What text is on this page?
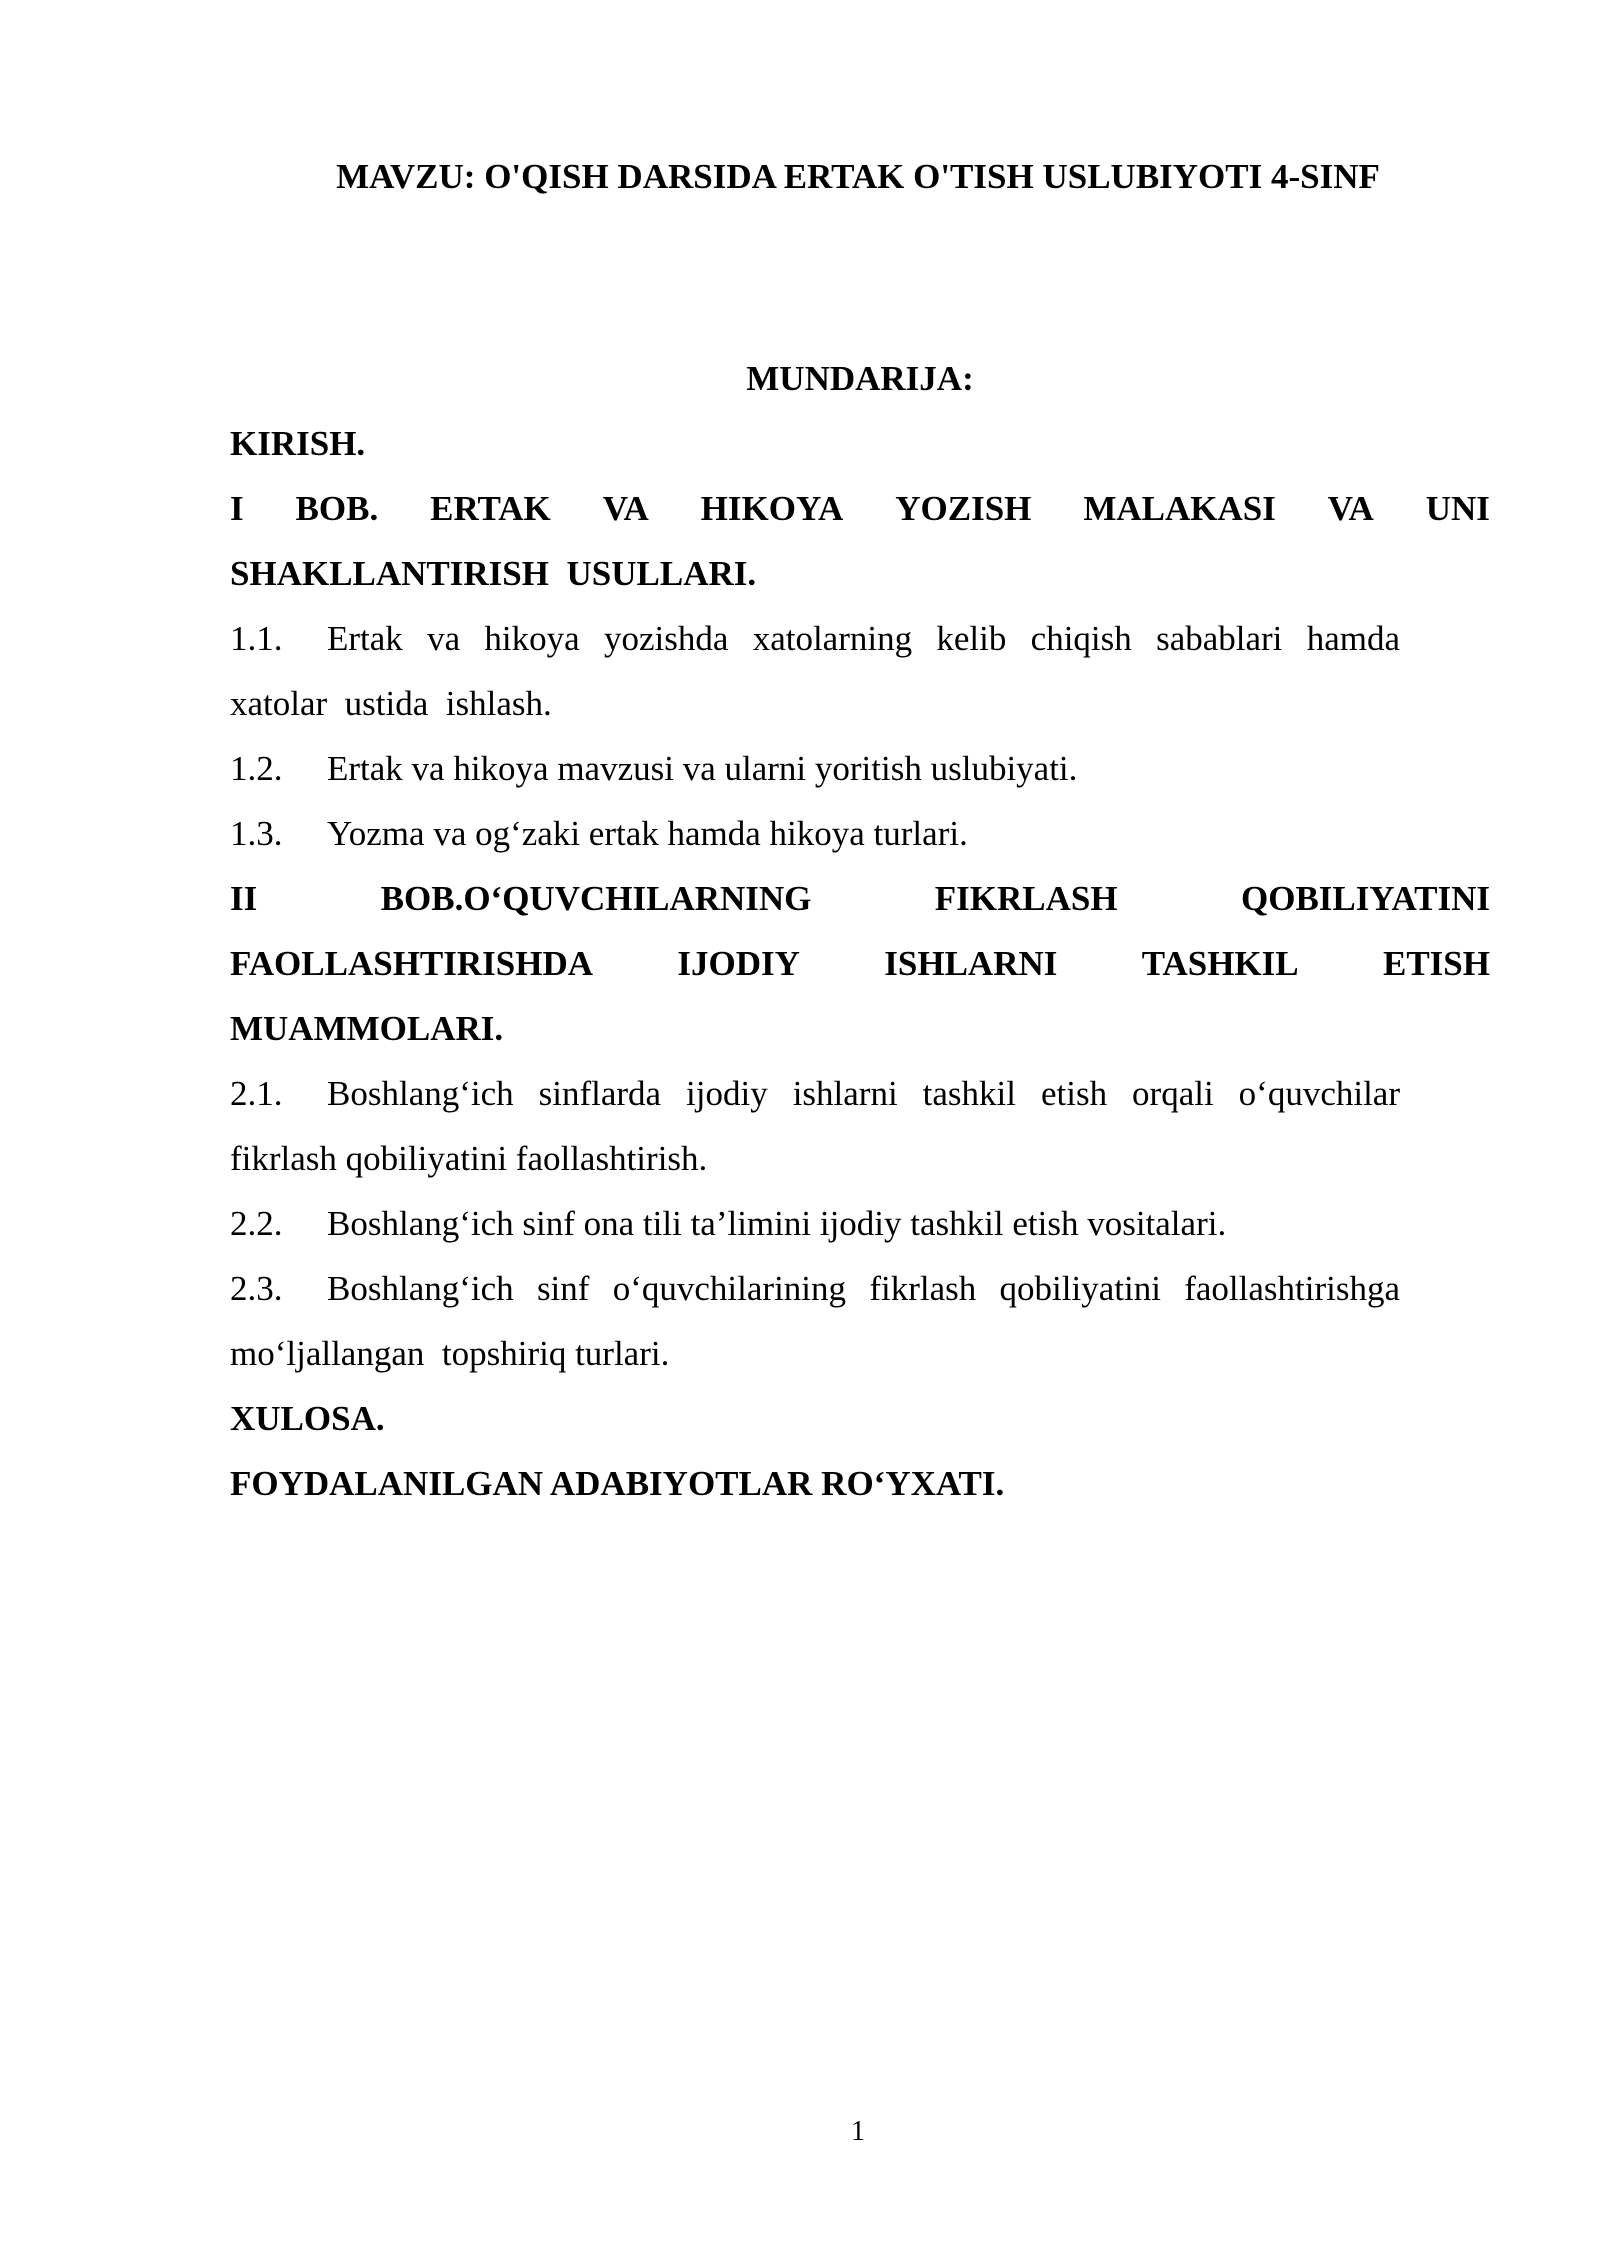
MAVZU: O'QISH DARSIDA ERTAK O'TISH USLUBIYOTI 4-SINF

MUNDARIJA:

KIRISH.

I BOB. ERTAK VA HIKOYA YOZISH MALAKASI VA UNI

SHAKLLANTIRISH  USULLARI.

1.1.	Ertak va hikoya yozishda xatolarning kelib chiqish sabablari hamda

xatolar  ustida  ishlash.

1.2. Ertak va hikoya mavzusi va ularni yoritish uslubiyati.

1.3. Yozma va og‘zaki ertak hamda hikoya turlari.

II	BOB.O‘QUVCHILARNING	FIKRLASH	QOBILIYATINI

FAOLLASHTIRISHDA IJODIY ISHLARNI TASHKIL ETISH

MUAMMOLARI.

2.1.	Boshlang‘ich sinflarda ijodiy ishlarni tashkil etish orqali o‘quvchilar

fikrlash qobiliyatini faollashtirish.

2.2. Boshlang‘ich sinf ona tili ta’limini ijodiy tashkil etish vositalari.

2.3.	Boshlang‘ich sinf o‘quvchilarining fikrlash qobiliyatini faollashtirishga

mo‘ljallangan  topshiriq turlari.

XULOSA.

FOYDALANILGAN ADABIYOTLAR RO‘YXATI.

1
